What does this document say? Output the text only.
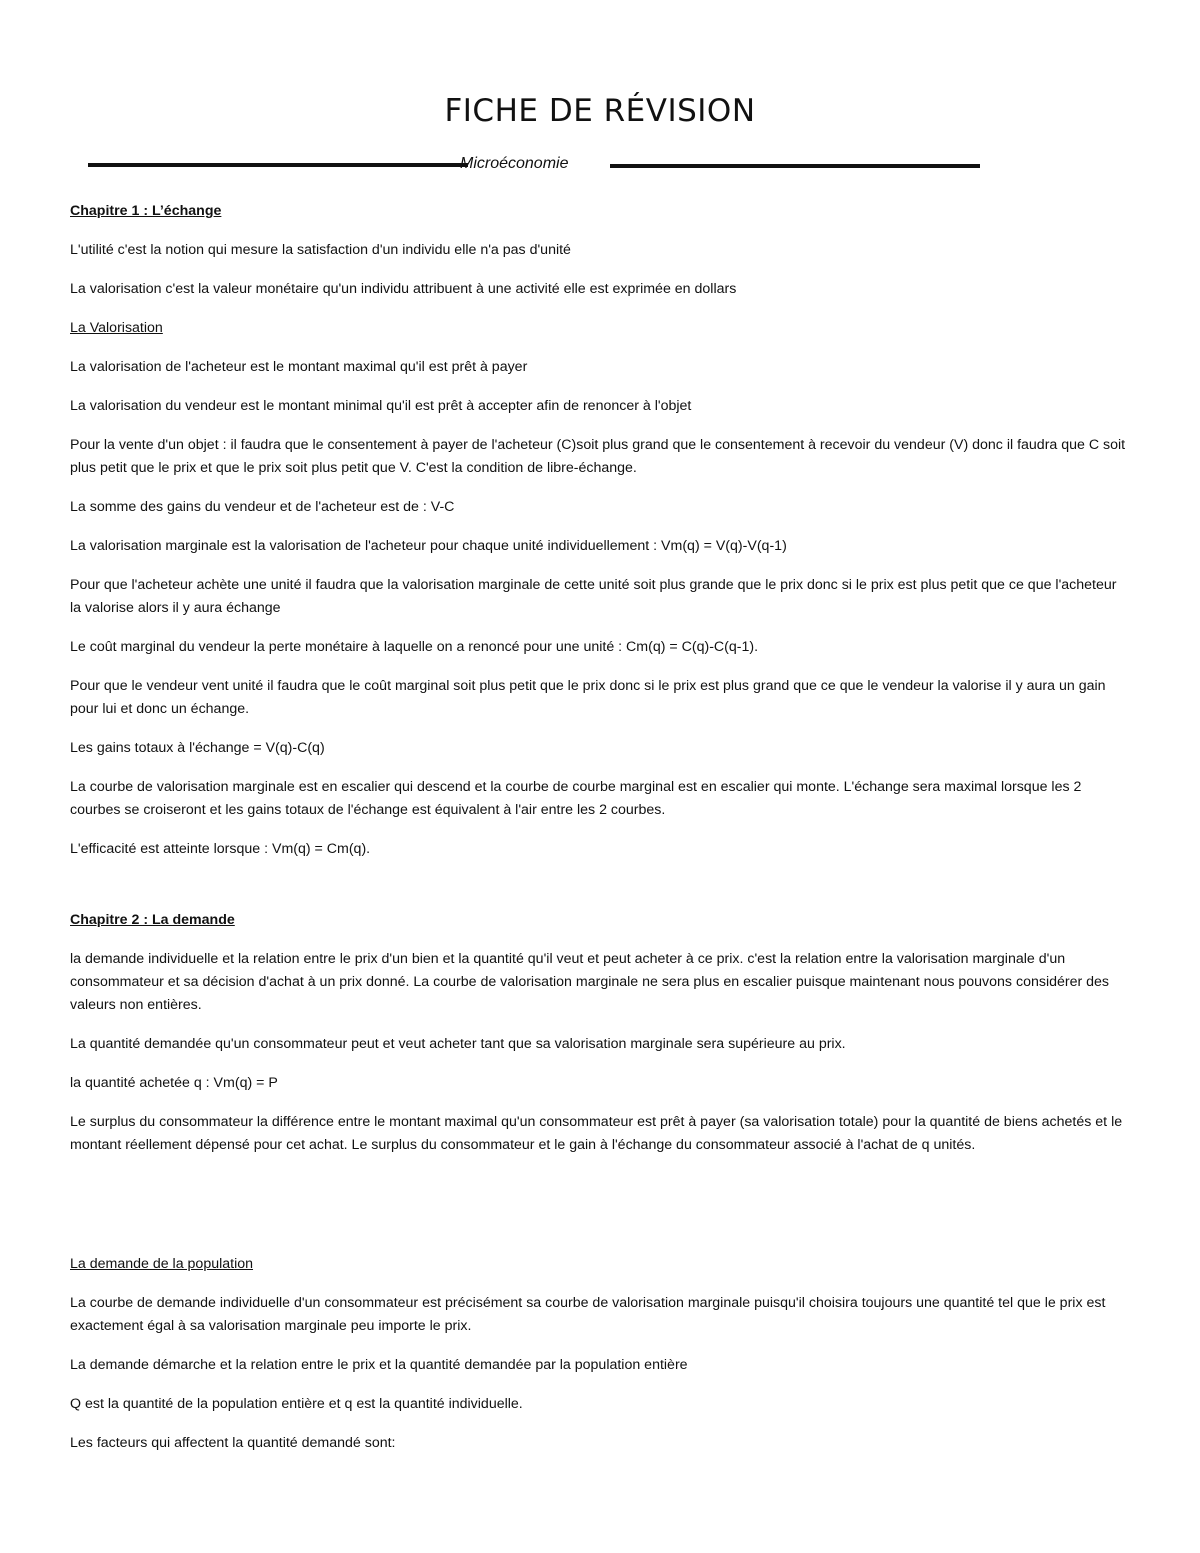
FICHE DE RÉVISION
Microéconomie

Chapitre 1 : L’échange

L'utilité c'est la notion qui mesure la satisfaction d'un individu elle n'a pas d'unité

La valorisation c'est la valeur monétaire qu'un individu attribuent à une activité elle est exprimée en dollars

La Valorisation

La valorisation de l'acheteur est le montant maximal qu'il est prêt à payer

La valorisation du vendeur est le montant minimal qu'il est prêt à accepter afin de renoncer à l'objet

Pour la vente d'un objet : il faudra que le consentement à payer de l'acheteur (C)soit plus grand que le consentement à recevoir du vendeur (V) donc il faudra que C soit plus petit que le prix et que le prix soit plus petit que V. C'est la condition de libre-échange.

La somme des gains du vendeur et de l'acheteur est de : V-C

La valorisation marginale est la valorisation de l'acheteur pour chaque unité individuellement : Vm(q) = V(q)-V(q-1)

Pour que l'acheteur achète une unité il faudra que la valorisation marginale de cette unité soit plus grande que le prix donc si le prix est plus petit que ce que l'acheteur la valorise alors il y aura échange

Le coût marginal du vendeur la perte monétaire à laquelle on a renoncé pour une unité : Cm(q) = C(q)-C(q-1).

Pour que le vendeur vent unité il faudra que le coût marginal soit plus petit que le prix donc si le prix est plus grand que ce que le vendeur la valorise il y aura un gain pour lui et donc un échange.

Les gains totaux à l'échange = V(q)-C(q)

La courbe de valorisation marginale est en escalier qui descend et la courbe de courbe marginal est en escalier qui monte. L'échange sera maximal lorsque les 2 courbes se croiseront et les gains totaux de l'échange est équivalent à l'air entre les 2 courbes.

L'efficacité est atteinte lorsque : Vm(q) = Cm(q).

Chapitre 2 : La demande

la demande individuelle et la relation entre le prix d'un bien et la quantité qu'il veut et peut acheter à ce prix. c'est la relation entre la valorisation marginale d'un consommateur et sa décision d'achat à un prix donné. La courbe de valorisation marginale ne sera plus en escalier puisque maintenant nous pouvons considérer des valeurs non entières.

La quantité demandée qu'un consommateur peut et veut acheter tant que sa valorisation marginale sera supérieure au prix.

la quantité achetée q : Vm(q) = P

Le surplus du consommateur la différence entre le montant maximal qu'un consommateur est prêt à payer (sa valorisation totale) pour la quantité de biens achetés et le montant réellement dépensé pour cet achat. Le surplus du consommateur et le gain à l'échange du consommateur associé à l'achat de q unités.

La demande de la population

La courbe de demande individuelle d'un consommateur est précisément sa courbe de valorisation marginale puisqu'il choisira toujours une quantité tel que le prix est exactement égal à sa valorisation marginale peu importe le prix.

La demande démarche et la relation entre le prix et la quantité demandée par la population entière

Q est la quantité de la population entière et q est la quantité individuelle.

Les facteurs qui affectent la quantité demandé sont:
